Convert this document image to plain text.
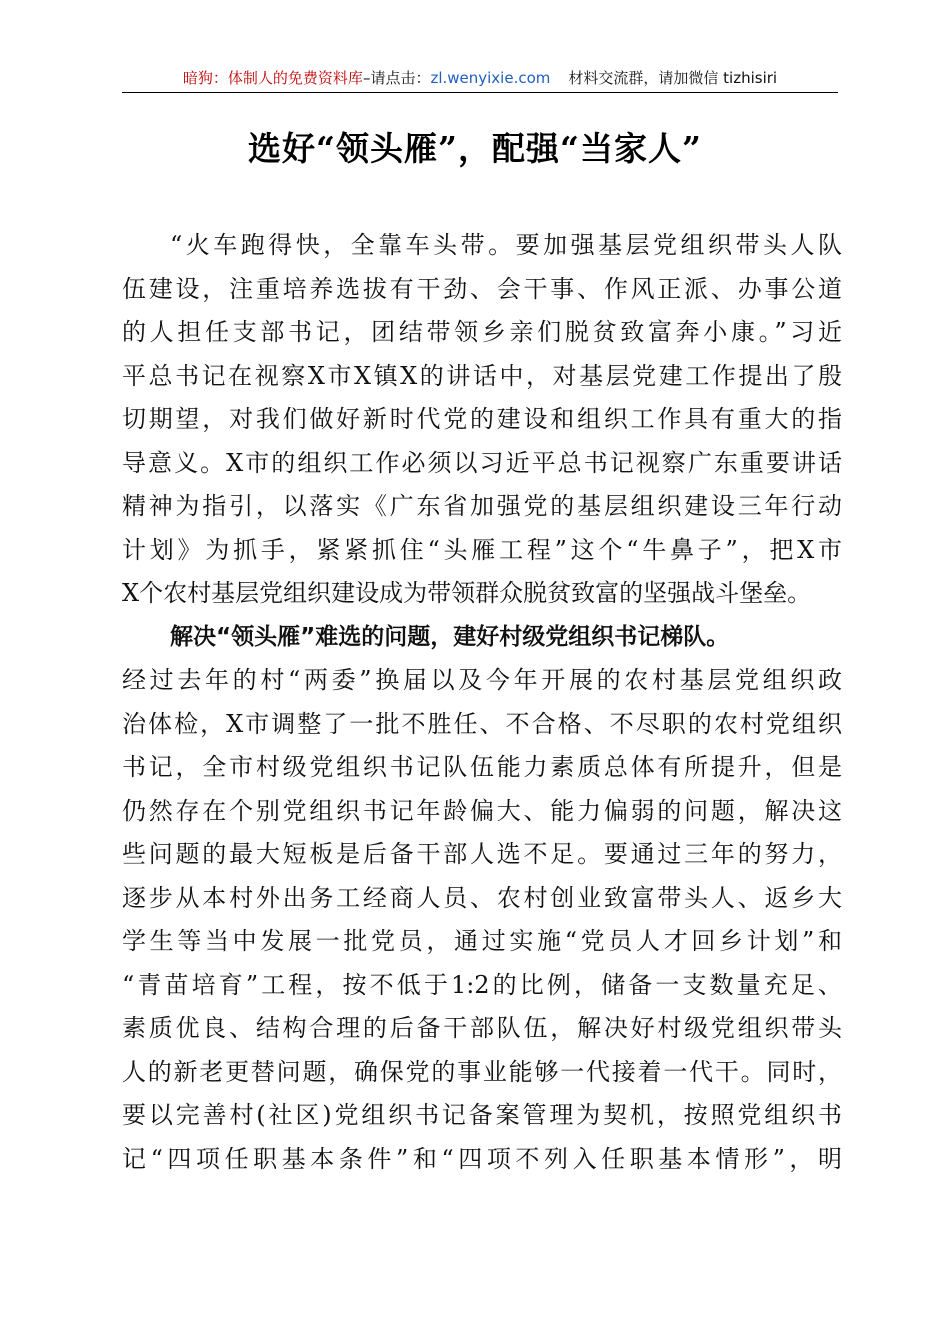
暗狗：体制人的免费资料库–请点击：zl.wenyixie.com 材料交流群，请加微信 tizhisiri
选好“领头雁”，配强“当家人”
“火车跑得快，全靠车头带。要加强基层党组织带头人队
伍建设，注重培养选拔有干劲、会干事、作风正派、办事公道
的人担任支部书记，团结带领乡亲们脱贫致富奔小康。”习近
平总书记在视察X市X镇X的讲话中，对基层党建工作提出了殷
切期望，对我们做好新时代党的建设和组织工作具有重大的指
导意义。X市的组织工作必须以习近平总书记视察广东重要讲话
精神为指引，以落实《广东省加强党的基层组织建设三年行动
计划》为抓手，紧紧抓住“头雁工程”这个“牛鼻子”，把X市
X个农村基层党组织建设成为带领群众脱贫致富的坚强战斗堡垒。
解决“领头雁”难选的问题，建好村级党组织书记梯队。
经过去年的村“两委”换届以及今年开展的农村基层党组织政
治体检，X市调整了一批不胜任、不合格、不尽职的农村党组织
书记，全市村级党组织书记队伍能力素质总体有所提升，但是
仍然存在个别党组织书记年龄偏大、能力偏弱的问题，解决这
些问题的最大短板是后备干部人选不足。要通过三年的努力，
逐步从本村外出务工经商人员、农村创业致富带头人、返乡大
学生等当中发展一批党员，通过实施“党员人才回乡计划”和
“青苗培育”工程，按不低于1:2的比例，储备一支数量充足、
素质优良、结构合理的后备干部队伍，解决好村级党组织带头
人的新老更替问题，确保党的事业能够一代接着一代干。同时，
要以完善村(社区)党组织书记备案管理为契机，按照党组织书
记“四项任职基本条件”和“四项不列入任职基本情形”，明
